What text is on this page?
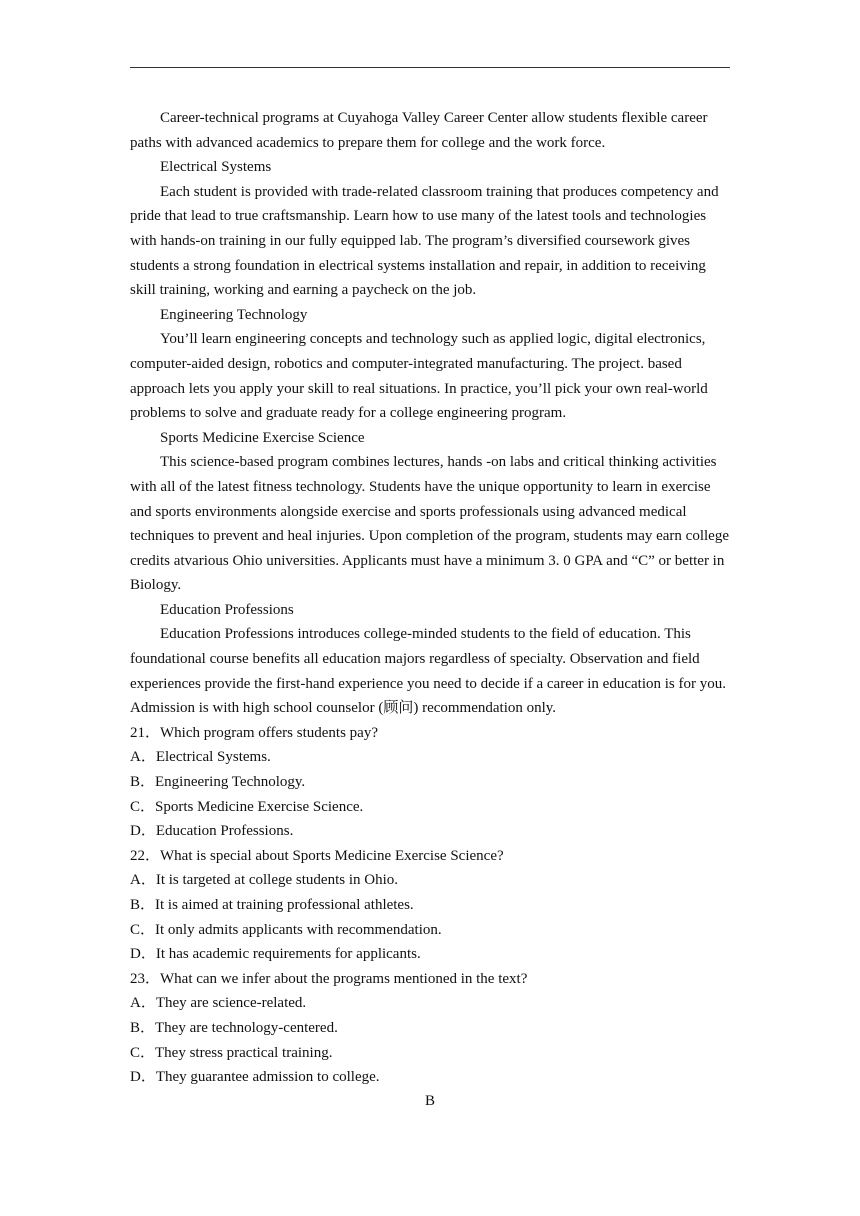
Career-technical programs at Cuyahoga Valley Career Center allow students flexible career paths with advanced academics to prepare them for college and the work force.

Electrical Systems

Each student is provided with trade-related classroom training that produces competency and pride that lead to true craftsmanship. Learn how to use many of the latest tools and technologies with hands-on training in our fully equipped lab. The program’s diversified coursework gives students a strong foundation in electrical systems installation and repair, in addition to receiving skill training, working and earning a paycheck on the job.

Engineering Technology

You’ll learn engineering concepts and technology such as applied logic, digital electronics, computer-aided design, robotics and computer-integrated manufacturing. The project. based approach lets you apply your skill to real situations. In practice, you’ll pick your own real-world problems to solve and graduate ready for a college engineering program.

Sports Medicine Exercise Science

This science-based program combines lectures, hands -on labs and critical thinking activities with all of the latest fitness technology. Students have the unique opportunity to learn in exercise and sports environments alongside exercise and sports professionals using advanced medical techniques to prevent and heal injuries. Upon completion of the program, students may earn college credits atvarious Ohio universities. Applicants must have a minimum 3. 0 GPA and “C” or better in Biology.

Education Professions

Education Professions introduces college-minded students to the field of education. This foundational course benefits all education majors regardless of specialty. Observation and field experiences provide the first-hand experience you need to decide if a career in education is for you. Admission is with high school counselor (顾问) recommendation only.

21．Which program offers students pay?

A．Electrical Systems.

B．Engineering Technology.

C．Sports Medicine Exercise Science.

D．Education Professions.

22．What is special about Sports Medicine Exercise Science?

A．It is targeted at college students in Ohio.

B．It is aimed at training professional athletes.

C．It only admits applicants with recommendation.

D．It has academic requirements for applicants.

23．What can we infer about the programs mentioned in the text?

A．They are science-related.

B．They are technology-centered.

C．They stress practical training.

D．They guarantee admission to college.

B
